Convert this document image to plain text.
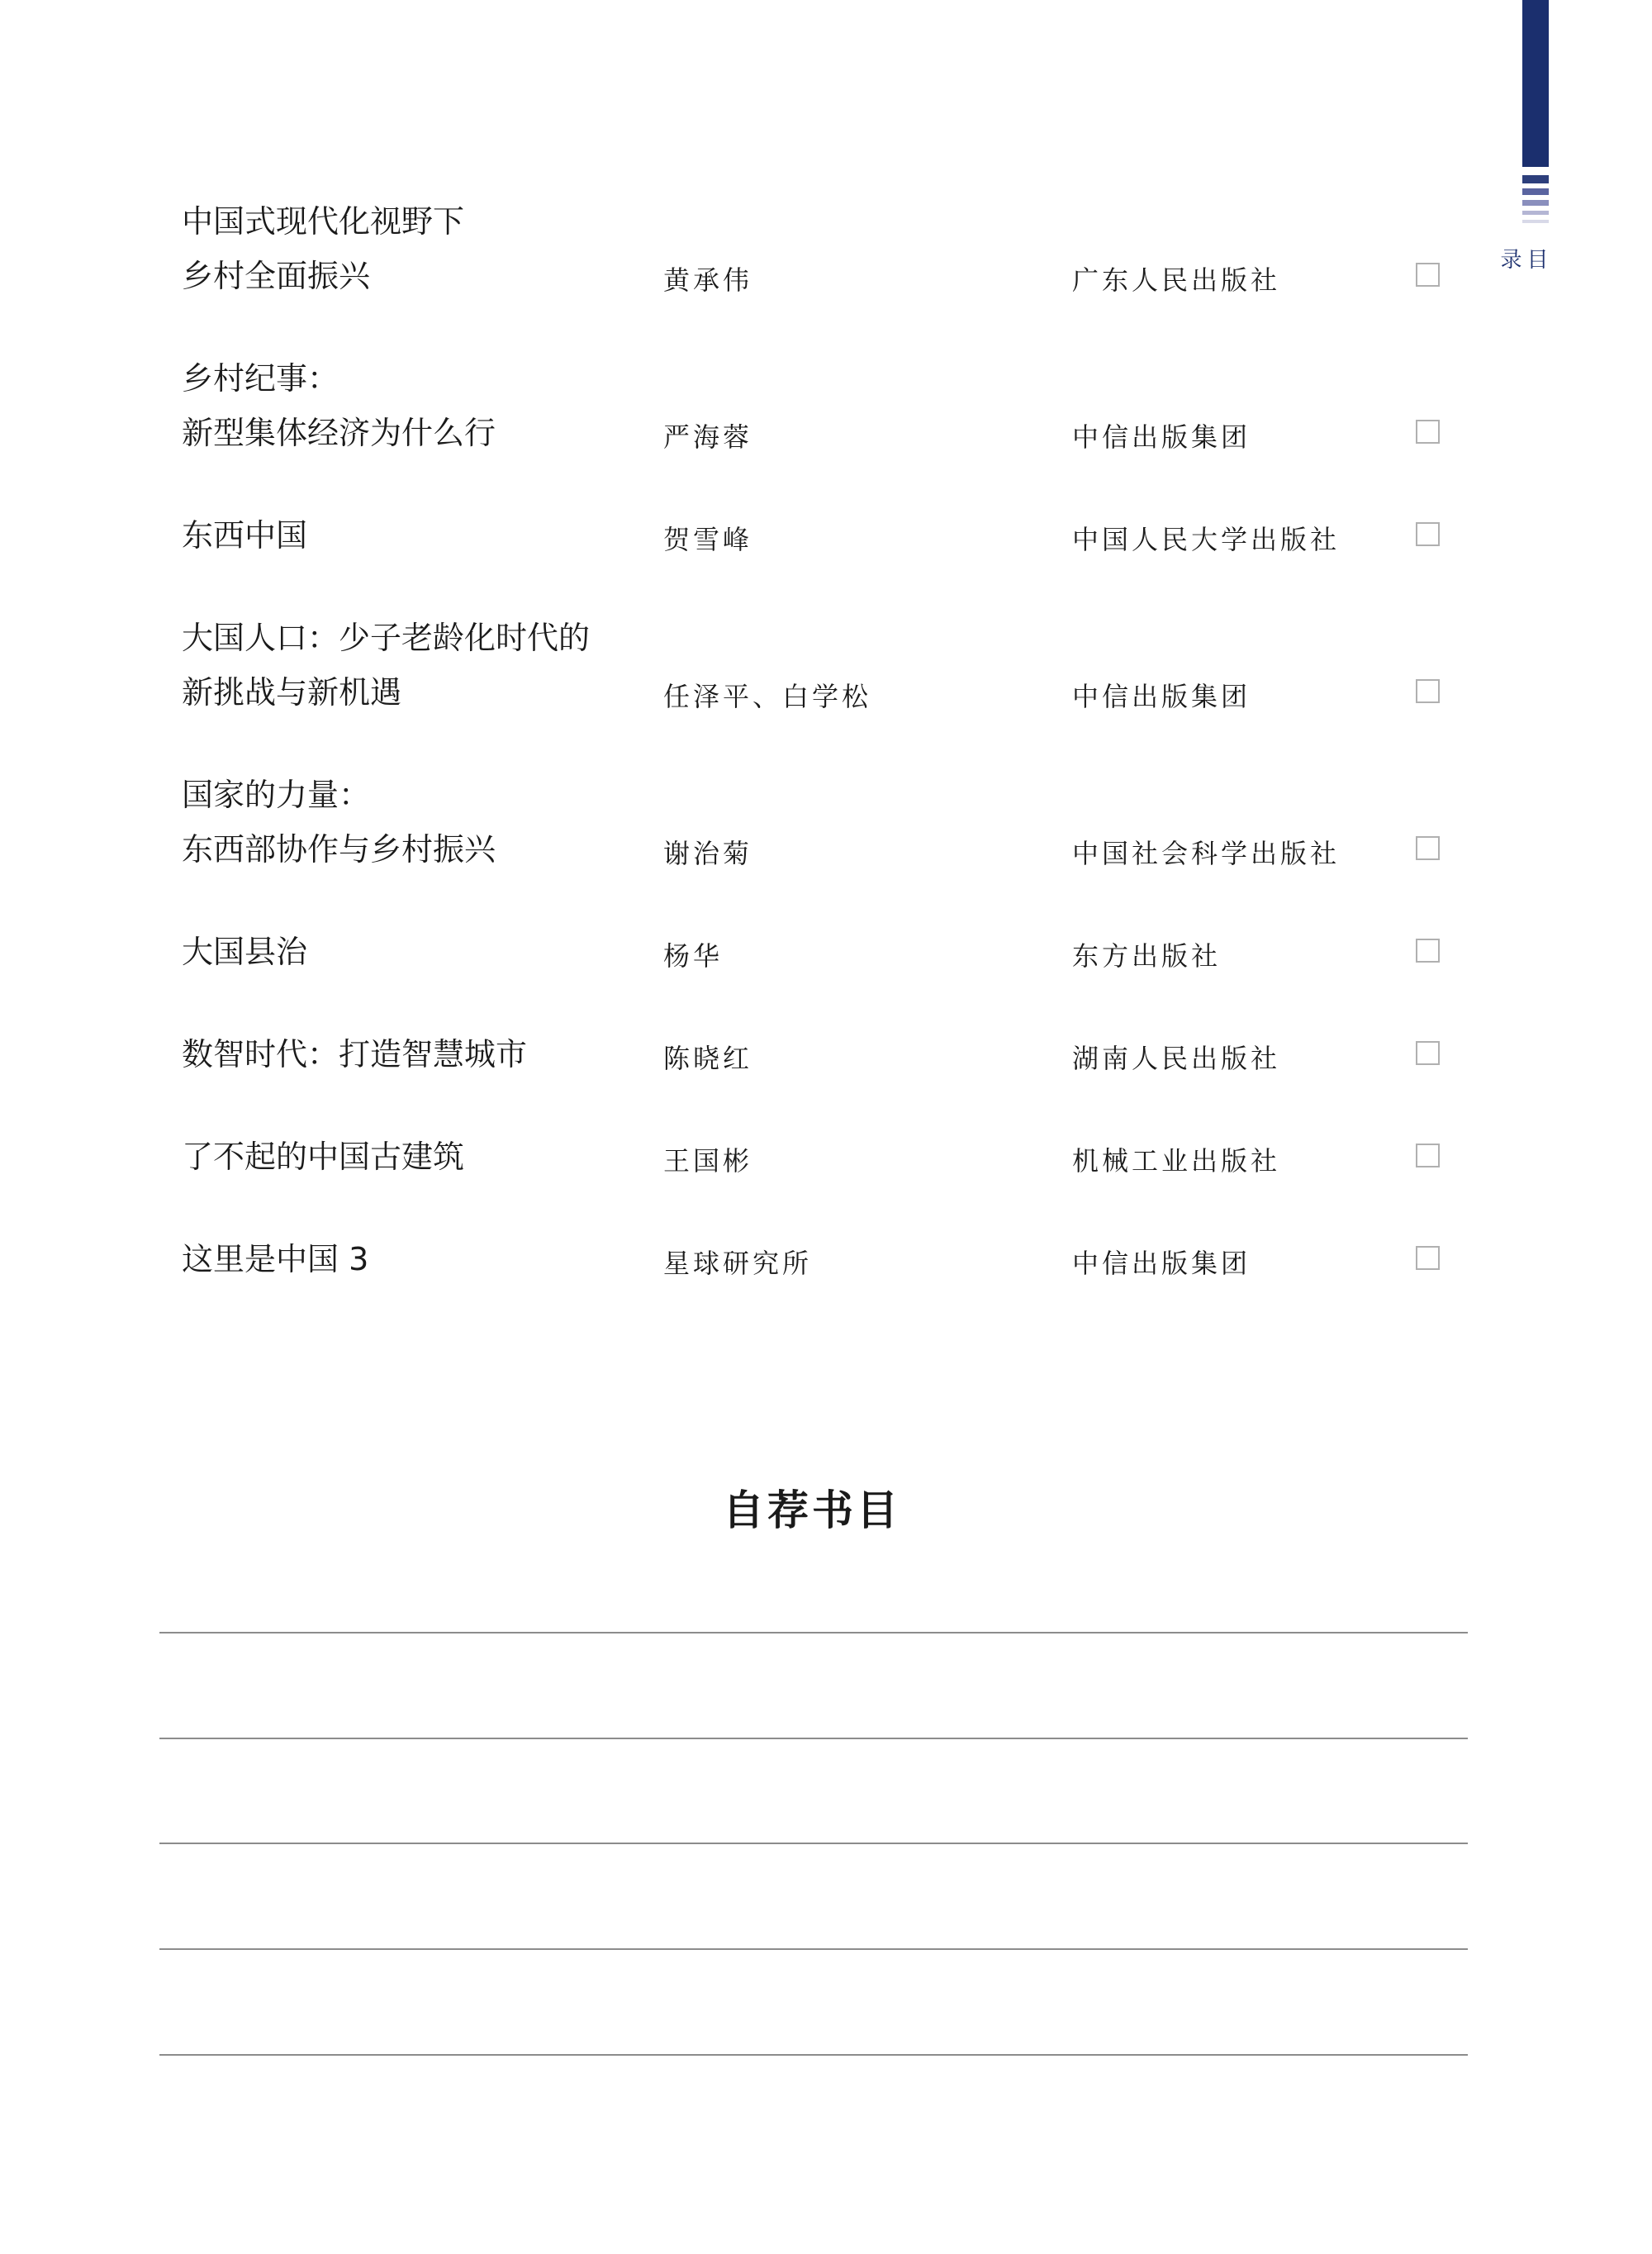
目录
中国式现代化视野下
乡村全面振兴	黄承伟	广东人民出版社
乡村纪事：
新型集体经济为什么行	严海蓉	中信出版集团
东西中国	贺雪峰	中国人民大学出版社
大国人口：少子老龄化时代的
新挑战与新机遇	任泽平、白学松	中信出版集团
国家的力量：
东西部协作与乡村振兴	谢治菊	中国社会科学出版社
大国县治	杨华	东方出版社
数智时代：打造智慧城市	陈晓红	湖南人民出版社
了不起的中国古建筑	王国彬	机械工业出版社
这里是中国 3	星球研究所	中信出版集团
自荐书目
